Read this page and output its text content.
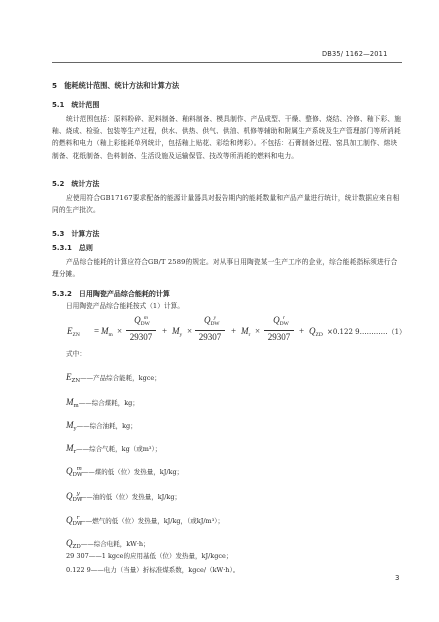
DB35/ 1162—2011
5　能耗统计范围、统计方法和计算方法
5.1　统计范围
统计范围包括：原料粉碎、泥料制备、釉料制备、模具制作、产品成型、干燥、整修、烧结、冷修、釉下彩、施釉、烧成、检验、包装等生产过程，供水、供热、供气、供油、机修等辅助和附属生产系统及生产管理部门等所消耗的燃料和电力（釉上彩能耗单列统计，包括釉上贴花、彩绘和烤彩）。不包括：石膏制备过程、窑具加工制作、熔块制备、花纸制备、色料制备、生活设施及运输保管、技改等所消耗的燃料和电力。
5.2　统计方法
应使用符合GB17167要求配备的能源计量器具对报告期内的能耗数量和产品产量进行统计，统计数据应来自相同的生产批次。
5.3　计算方法
5.3.1　总则
产品综合能耗的计算应符合GB/T 2589的规定。对从事日用陶瓷某一生产工序的企业，综合能耗指标须进行合理分摊。
5.3.2　日用陶瓷产品综合能耗的计算
日用陶瓷产品综合能耗按式（1）计算。
$E_{ZN} = M_m$ ×
$Q_{DW}^m$
29307
+ $M_y$ ×
$Q_{DW}^y$
29307
+ $M_r$ ×
$Q_{DW}^r$
29307
+ $Q_{ZD} \times 0.122$ 9…………（1）
式中：
$E_{ZN}——$产品综合能耗，kgce；
$M_m——$综合煤耗，kg；
$M_y——$综合油耗，kg；
$M_r——$综合气耗，kg（或m³）；
$Q_{DW}^m——$煤的低（位）发热量，kJ/kg；
$Q_{DW}^y——$油的低（位）发热量，kJ/kg；
$Q_{DW}^r——$燃气的低（位）发热量，kJ/kg，（或kJ/m³）；
$Q_{ZD}——$综合电耗，kW·h；
29 307——1 kgce的应用基低（位）发热量，kJ/kgce；
0.122 9——电力（当量）折标准煤系数，kgce/（kW·h）。
3
